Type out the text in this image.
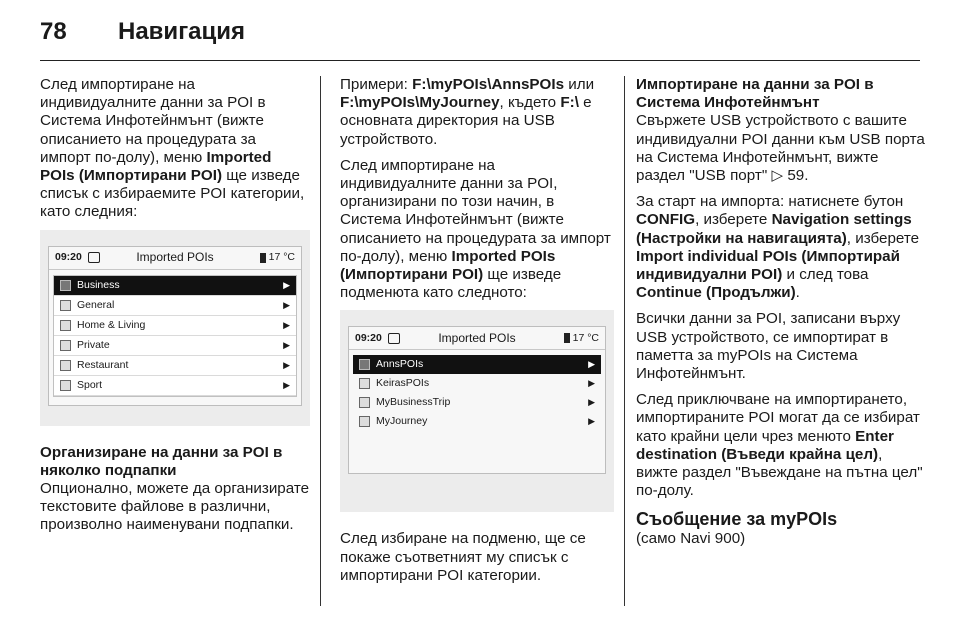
78 Навигация

След импортиране на индивидуалните данни за POI в Система Инфотейнмънт (вижте описанието на процедурата за импорт по-долу), меню Imported POIs (Импортирани POI) ще изведе списък с избираемите POI категории, като следния:

09:20	Imported POIs	17 °C
Business	▶
General	▶
Home & Living	▶
Private	▶
Restaurant	▶
Sport	▶
Организиране на данни за POI в няколко подпапки

Опционално, можете да организирате текстовите файлове в различни, произволно наименувани подпапки.

Примери: F:\myPOIs\AnnsPOIs или F:\myPOIs\MyJourney, където F:\ е основната директория на USB устройството.

След импортиране на индивидуалните данни за POI, организирани по този начин, в Система Инфотейнмънт (вижте описанието на процедурата за импорт по-долу), меню Imported POIs (Импортирани POI) ще изведе подменюта като следното:

09:20	Imported POIs	17 °C
AnnsPOIs	▶
KeirasPOIs	▶
MyBusinessTrip	▶
MyJourney	▶

След избиране на подменю, ще се покаже съответният му списък с импортирани POI категории.

Импортиране на данни за POI в Система Инфотейнмънт

Свържете USB устройството с вашите индивидуални POI данни към USB порта на Система Инфотейнмънт, вижте раздел "USB порт" ▷ 59.

За старт на импорта: натиснете бутон CONFIG, изберете Navigation settings (Настройки на навигацията), изберете Import individual POIs (Импортирай индивидуални POI) и след това Continue (Продължи).

Всички данни за POI, записани върху USB устройството, се импортират в паметта за myPOIs на Система Инфотейнмънт.

След приключване на импортирането, импортираните POI могат да се избират като крайни цели чрез менюто Enter destination (Въведи крайна цел), вижте раздел "Въвеждане на пътна цел" по-долу.

Съобщение за myPOIs

(само Navi 900)
